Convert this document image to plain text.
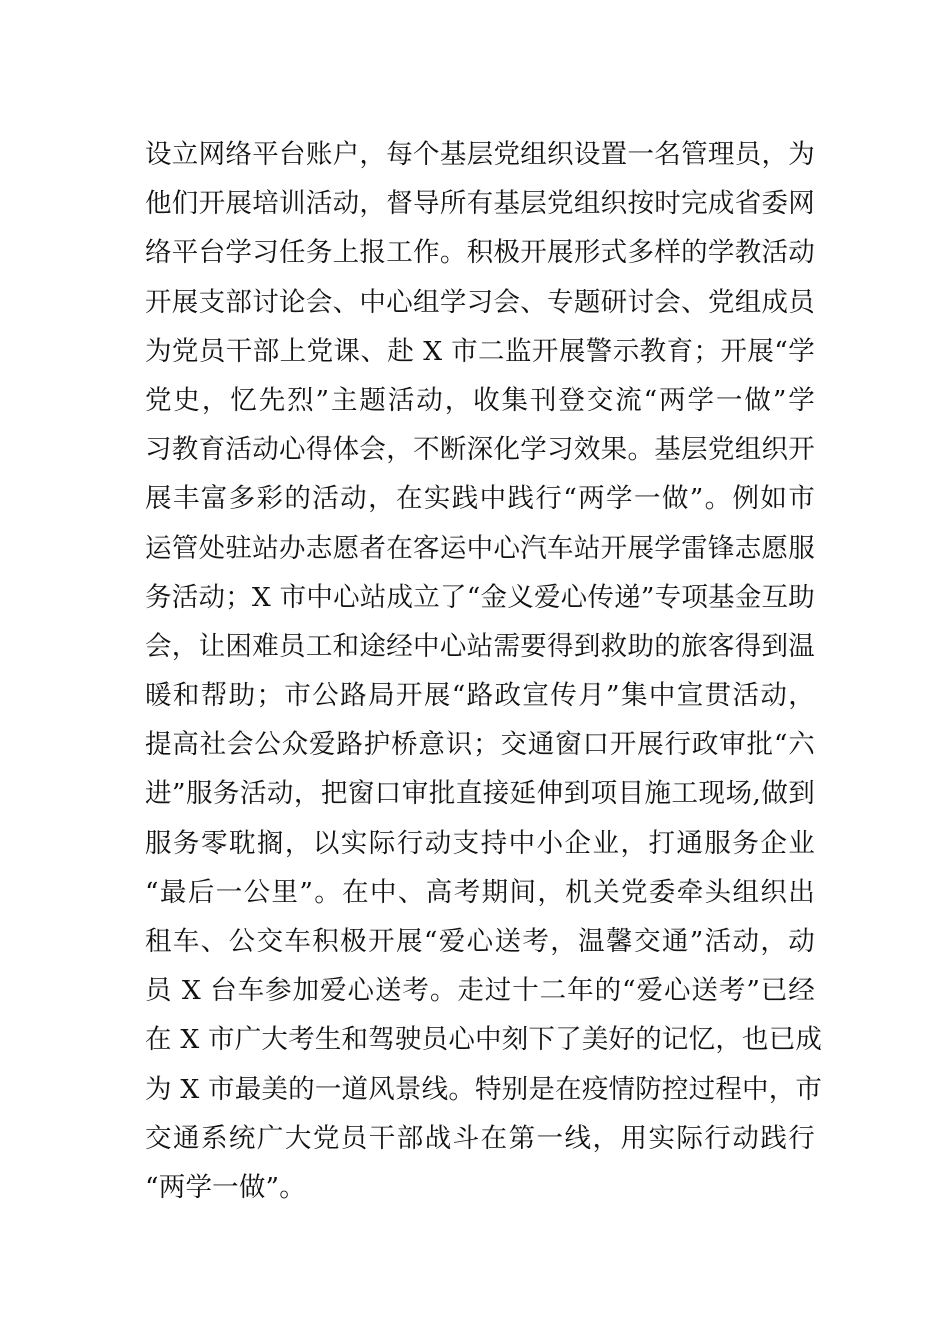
设立网络平台账户，每个基层党组织设置一名管理员，为
他们开展培训活动，督导所有基层党组织按时完成省委网
络平台学习任务上报工作。积极开展形式多样的学教活动
开展支部讨论会、中心组学习会、专题研讨会、党组成员
为党员干部上党课、赴 X 市二监开展警示教育；开展“学
党史，忆先烈”主题活动，收集刊登交流“两学一做”学
习教育活动心得体会，不断深化学习效果。基层党组织开
展丰富多彩的活动，在实践中践行“两学一做”。例如市
运管处驻站办志愿者在客运中心汽车站开展学雷锋志愿服
务活动；X 市中心站成立了“金义爱心传递”专项基金互助
会，让困难员工和途经中心站需要得到救助的旅客得到温
暖和帮助；市公路局开展“路政宣传月”集中宣贯活动，
提高社会公众爱路护桥意识；交通窗口开展行政审批“六
进”服务活动，把窗口审批直接延伸到项目施工现场,做到
服务零耽搁，以实际行动支持中小企业，打通服务企业
“最后一公里”。在中、高考期间，机关党委牵头组织出
租车、公交车积极开展“爱心送考，温馨交通”活动，动
员 X 台车参加爱心送考。走过十二年的“爱心送考”已经
在 X 市广大考生和驾驶员心中刻下了美好的记忆，也已成
为 X 市最美的一道风景线。特别是在疫情防控过程中，市
交通系统广大党员干部战斗在第一线，用实际行动践行
“两学一做”。
